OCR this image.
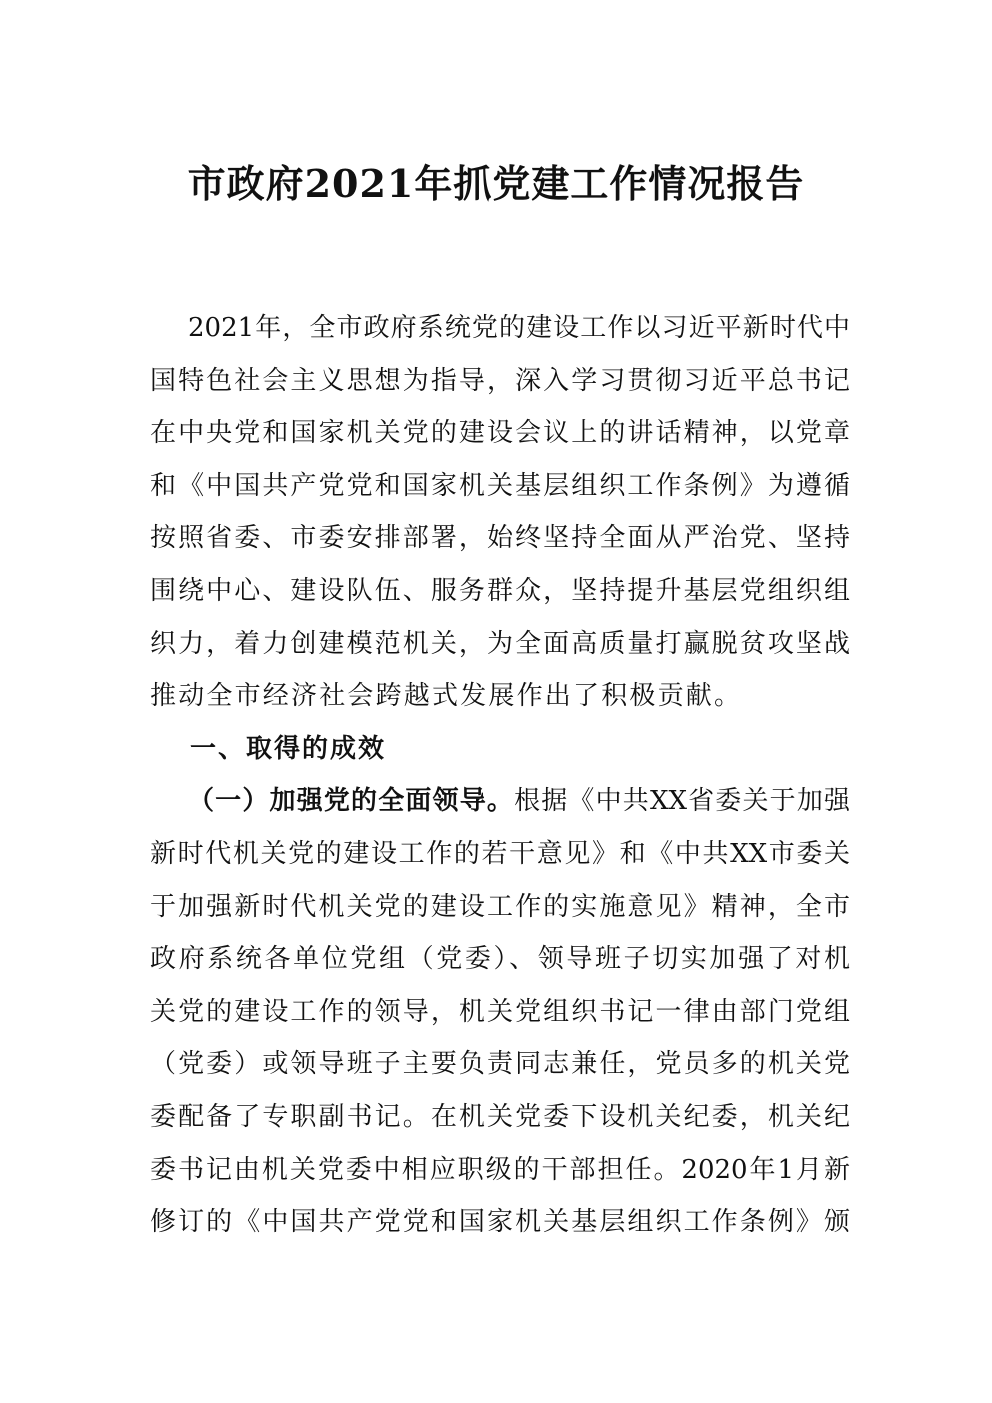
市政府2021年抓党建工作情况报告
2021年，全市政府系统党的建设工作以习近平新时代中
国特色社会主义思想为指导，深入学习贯彻习近平总书记
在中央党和国家机关党的建设会议上的讲话精神，以党章
和《中国共产党党和国家机关基层组织工作条例》为遵循
按照省委、市委安排部署，始终坚持全面从严治党、坚持
围绕中心、建设队伍、服务群众，坚持提升基层党组织组
织力，着力创建模范机关，为全面高质量打赢脱贫攻坚战
推动全市经济社会跨越式发展作出了积极贡献。
一、取得的成效
（一）加强党的全面领导。根据《中共XX省委关于加强
新时代机关党的建设工作的若干意见》和《中共XX市委关
于加强新时代机关党的建设工作的实施意见》精神，全市
政府系统各单位党组（党委）、领导班子切实加强了对机
关党的建设工作的领导，机关党组织书记一律由部门党组
（党委）或领导班子主要负责同志兼任，党员多的机关党
委配备了专职副书记。在机关党委下设机关纪委，机关纪
委书记由机关党委中相应职级的干部担任。2020年1月新
修订的《中国共产党党和国家机关基层组织工作条例》颁
